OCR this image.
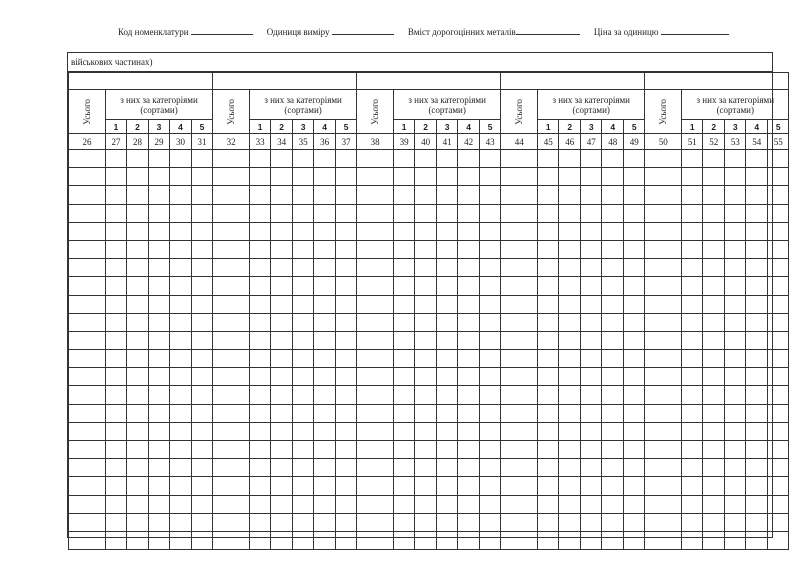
Код номенклатури	Одиниця виміру	Вміст дорогоцінних металів	Ціна за одиницю
військових частинах)

Усього	з них за категоріями (сортами)					Усього	з них за категоріями (сортами)					Усього	з них за категоріями (сортами)					Усього	з них за категоріями (сортами)					Усього	з них за категоріями (сортами)				
	1	2	3	4	5		1	2	3	4	5		1	2	3	4	5		1	2	3	4	5		1	2	3	4	5
26	27	28	29	30	31	32	33	34	35	36	37	38	39	40	41	42	43	44	45	46	47	48	49	50	51	52	53	54	55
